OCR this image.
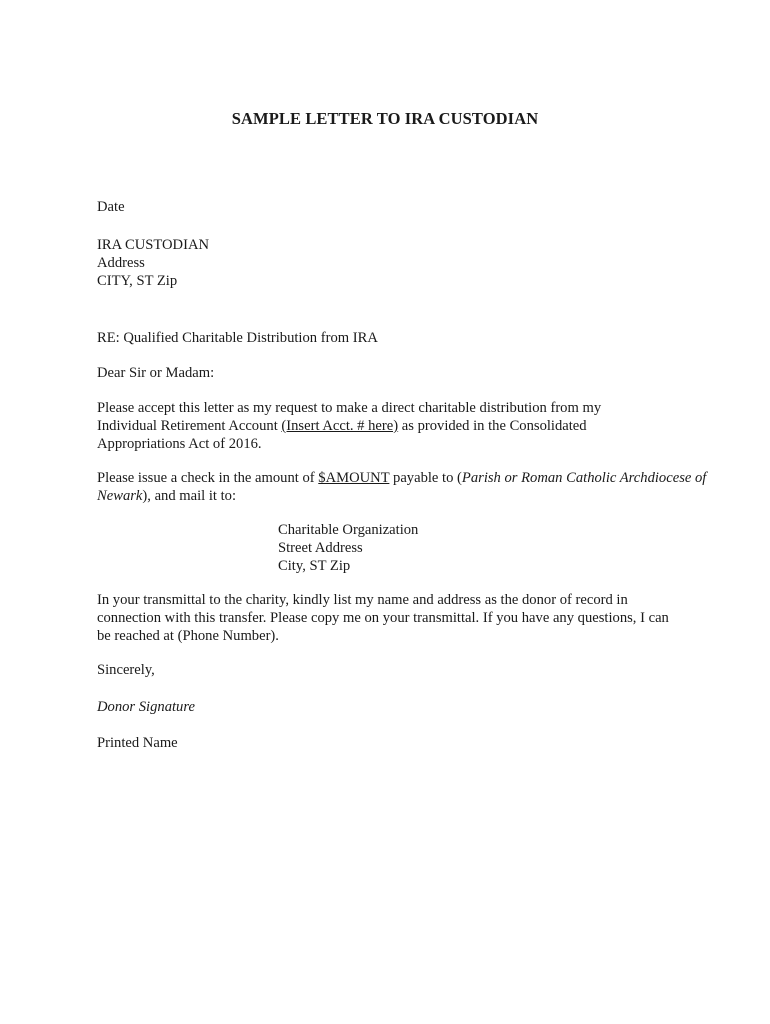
SAMPLE LETTER TO IRA CUSTODIAN
Date
IRA CUSTODIAN
Address
CITY, ST Zip
RE: Qualified Charitable Distribution from IRA
Dear Sir or Madam:
Please accept this letter as my request to make a direct charitable distribution from my
Individual Retirement Account (Insert Acct. # here) as provided in the Consolidated
Appropriations Act of 2016.
Please issue a check in the amount of $AMOUNT payable to (Parish or Roman Catholic Archdiocese of
Newark), and mail it to:
Charitable Organization
Street Address
City, ST Zip
In your transmittal to the charity, kindly list my name and address as the donor of record in
connection with this transfer. Please copy me on your transmittal. If you have any questions, I can
be reached at (Phone Number).
Sincerely,
Donor Signature
Printed Name
